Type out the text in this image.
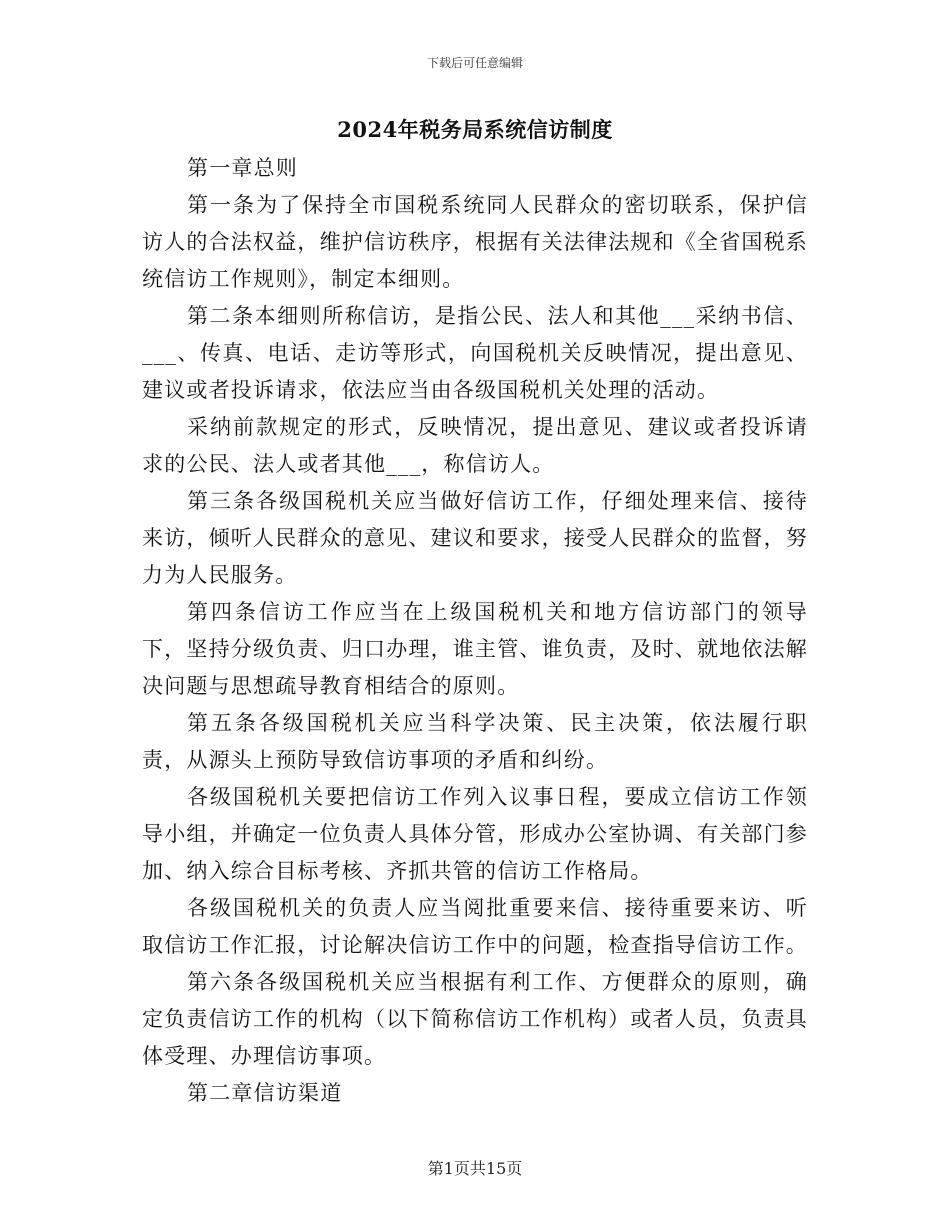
下载后可任意编辑
2024年税务局系统信访制度

第一章总则

第一条为了保持全市国税系统同人民群众的密切联系，保护信访人的合法权益，维护信访秩序，根据有关法律法规和《全省国税系统信访工作规则》，制定本细则。

第二条本细则所称信访，是指公民、法人和其他___采纳书信、___、传真、电话、走访等形式，向国税机关反映情况，提出意见、建议或者投诉请求，依法应当由各级国税机关处理的活动。

采纳前款规定的形式，反映情况，提出意见、建议或者投诉请求的公民、法人或者其他___，称信访人。

第三条各级国税机关应当做好信访工作，仔细处理来信、接待来访，倾听人民群众的意见、建议和要求，接受人民群众的监督，努力为人民服务。

第四条信访工作应当在上级国税机关和地方信访部门的领导下，坚持分级负责、归口办理，谁主管、谁负责，及时、就地依法解决问题与思想疏导教育相结合的原则。

第五条各级国税机关应当科学决策、民主决策，依法履行职责，从源头上预防导致信访事项的矛盾和纠纷。

各级国税机关要把信访工作列入议事日程，要成立信访工作领导小组，并确定一位负责人具体分管，形成办公室协调、有关部门参加、纳入综合目标考核、齐抓共管的信访工作格局。

各级国税机关的负责人应当阅批重要来信、接待重要来访、听取信访工作汇报，讨论解决信访工作中的问题，检查指导信访工作。

第六条各级国税机关应当根据有利工作、方便群众的原则，确定负责信访工作的机构（以下简称信访工作机构）或者人员，负责具体受理、办理信访事项。

第二章信访渠道

第1页共15页
